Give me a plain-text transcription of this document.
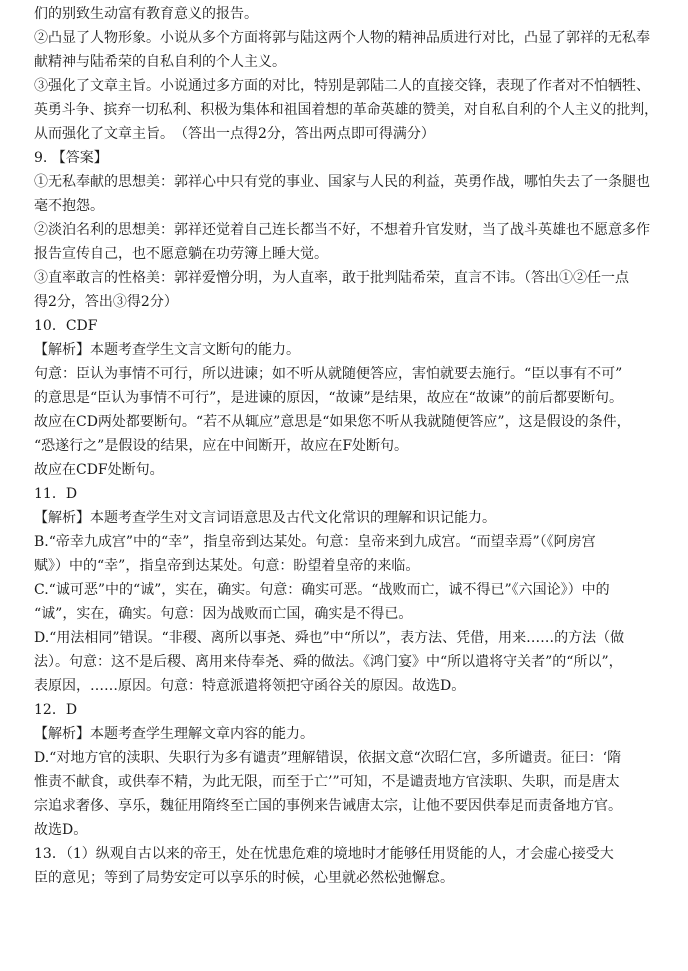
们的别致生动富有教育意义的报告。
②凸显了人物形象。小说从多个方面将郭与陆这两个人物的精神品质进行对比，凸显了郭祥的无私奉
献精神与陆希荣的自私自利的个人主义。
③强化了文章主旨。小说通过多方面的对比，特别是郭陆二人的直接交锋，表现了作者对不怕牺牲、
英勇斗争、摈弃一切私利、积极为集体和祖国着想的革命英雄的赞美，对自私自利的个人主义的批判，
从而强化了文章主旨。　（答出一点得2分，答出两点即可得满分）
9. 【答案】
①无私奉献的思想美：郭祥心中只有党的事业、国家与人民的利益，英勇作战，哪怕失去了一条腿也
毫不抱怨。
②淡泊名利的思想美：郭祥还觉着自己连长都当不好，不想着升官发财，当了战斗英雄也不愿意多作
报告宣传自己，也不愿意躺在功劳簿上睡大觉。
③直率敢言的性格美：郭祥爱憎分明，为人直率，敢于批判陆希荣，直言不讳。（答出①②任一点
得2分，答出③得2分）
10．CDF
【解析】本题考查学生文言文断句的能力。
句意：臣认为事情不可行，所以进谏；如不听从就随便答应，害怕就要去施行。“臣以事有不可”
的意思是“臣认为事情不可行”，是进谏的原因，“故谏”是结果，故应在“故谏”的前后都要断句。
故应在CD两处都要断句。“若不从辄应”意思是“如果您不听从我就随便答应”，这是假设的条件，
“恐遂行之”是假设的结果，应在中间断开，故应在F处断句。
故应在CDF处断句。
11．D
【解析】本题考查学生对文言词语意思及古代文化常识的理解和识记能力。
B.“帝幸九成宫”中的“幸”，指皇帝到达某处。句意：皇帝来到九成宫。“而望幸焉”（《阿房宫
赋》）中的“幸”，指皇帝到达某处。句意：盼望着皇帝的来临。
C.“诚可恶”中的“诚”，实在，确实。句意：确实可恶。“战败而亡，诚不得已”《六国论》）中的
“诚”，实在，确实。句意：因为战败而亡国，确实是不得已。
D.“用法相同”错误。“非稷、离所以事尧、舜也”中“所以”，表方法、凭借，用来……的方法（做
法）。句意：这不是后稷、离用来侍奉尧、舜的做法。《鸿门宴》中“所以遣将守关者”的“所以”，
表原因，……原因。句意：特意派遣将领把守函谷关的原因。故选D。
12．D
【解析】本题考查学生理解文章内容的能力。
D.“对地方官的渎职、失职行为多有谴责”理解错误，依据文意“次昭仁宫，多所谴责。征曰：‘隋
惟责不献食，或供奉不精，为此无限，而至于亡’”可知，不是谴责地方官渎职、失职，而是唐太
宗追求奢侈、享乐，魏征用隋终至亡国的事例来告诫唐太宗，让他不要因供奉足而责备地方官。
故选D。
13．（1）纵观自古以来的帝王，处在忧患危难的境地时才能够任用贤能的人，才会虚心接受大
臣的意见；等到了局势安定可以享乐的时候，心里就必然松弛懈怠。
